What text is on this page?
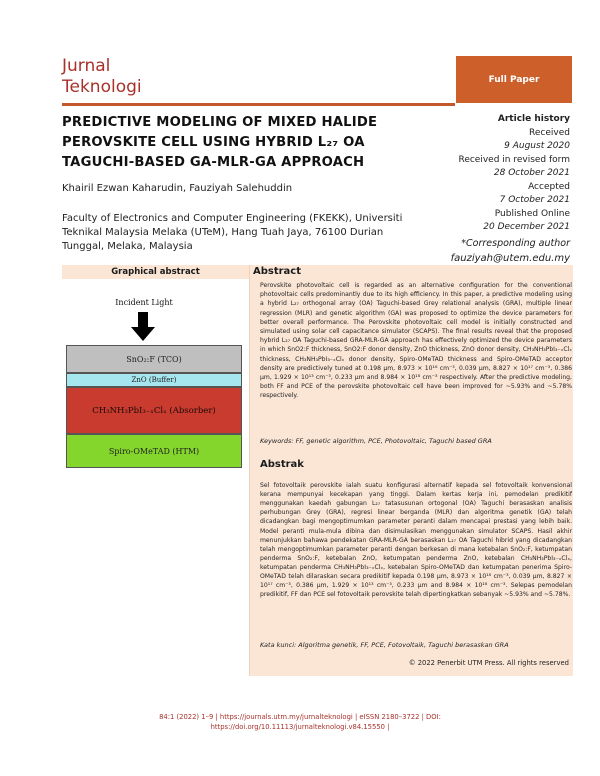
Jurnal
Teknologi	Full Paper
PREDICTIVE MODELING OF MIXED HALIDE
PEROVSKITE CELL USING HYBRID L₂₇ OA
TAGUCHI-BASED GA-MLR-GA APPROACH
Khairil Ezwan Kaharudin, Fauziyah Salehuddin
Faculty of Electronics and Computer Engineering (FKEKK), Universiti
Teknikal Malaysia Melaka (UTeM), Hang Tuah Jaya, 76100 Durian
Tunggal, Melaka, Malaysia
Article history
Received
9 August 2020
Received in revised form
28 October 2021
Accepted
7 October 2021
Published Online
20 December 2021
*Corresponding author
fauziyah@utem.edu.my
Graphical abstract
Incident Light
SnO₂:F (TCO)
ZnO (Buffer)
CH₃NH₃PbI₃₋ₓClₓ (Absorber)
Spiro-OMeTAD (HTM)
Abstract

Perovskite photovoltaic cell is regarded as an alternative configuration for the conventional photovoltaic cells predominantly due to its high efficiency. In this paper, a predictive modeling using a hybrid L₂₇ orthogonal array (OA) Taguchi-based Grey relational analysis (GRA), multiple linear regression (MLR) and genetic algorithm (GA) was proposed to optimize the device parameters for better overall performance. The Perovskite photovoltaic cell model is initially constructed and simulated using solar cell capacitance simulator (SCAPS). The final results reveal that the proposed hybrid L₂₇ OA Taguchi-based GRA-MLR-GA approach has effectively optimized the device parameters in which SnO2:F thickness, SnO2:F donor density, ZnO thickness, ZnO donor density, CH₃NH₃PbI₃₋ₓClₓ thickness, CH₃NH₃PbI₃₋ₓClₓ donor density, Spiro-OMeTAD thickness and Spiro-OMeTAD acceptor density are predictively tuned at 0.198 µm, 8.973 × 10¹⁸ cm⁻³, 0.039 µm, 8.827 × 10¹⁷ cm⁻³, 0.386 µm, 1.929 × 10¹³ cm⁻³, 0.233 µm and 8.984 × 10¹⁸ cm⁻³ respectively. After the predictive modeling, both FF and PCE of the perovskite photovoltaic cell have been improved for ~5.93% and ~5.78% respectively.

Keywords: FF, genetic algorithm, PCE, Photovoltaic, Taguchi based GRA
Abstrak

Sel fotovoltaik perovskite ialah suatu konfigurasi alternatif kepada sel fotovoltaik konvensional kerana mempunyai kecekapan yang tinggi. Dalam kertas kerja ini, pemodelan predikitif menggunakan kaedah gabungan L₂₇ tatasusunan ortogonal (OA) Taguchi berasaskan analisis perhubungan Grey (GRA), regresi linear berganda (MLR) dan algoritma genetik (GA) telah dicadangkan bagi mengoptimumkan parameter peranti dalam mencapai prestasi yang lebih baik. Model peranti mula-mula dibina dan disimulasikan menggunakan simulator SCAPS. Hasil akhir menunjukkan bahawa pendekatan GRA-MLR-GA berasaskan L₂₇ OA Taguchi hibrid yang dicadangkan telah mengoptimumkan parameter peranti dengan berkesan di mana ketebalan SnO₂:F, ketumpatan penderma SnO₂:F, ketebalan ZnO, ketumpatan penderma ZnO, ketebalan CH₃NH₃PbI₃₋ₓClₓ, ketumpatan penderma CH₃NH₃PbI₃₋ₓClₓ, ketebalan Spiro-OMeTAD dan ketumpatan penerima Spiro-OMeTAD telah dilaraskan secara predikitif kepada 0.198 µm, 8.973 × 10¹⁸ cm⁻³, 0.039 µm, 8.827 × 10¹⁷ cm⁻³, 0.386 µm, 1.929 × 10¹³ cm⁻³, 0.233 µm and 8.984 × 10¹⁸ cm⁻³. Selepas pemodelan predikitif, FF dan PCE sel fotovoltaik perovskite telah dipertingkatkan sebanyak ~5.93% and ~5.78%.

Kata kunci: Algoritma genetik, FF, PCE, Fotovoltaik, Taguchi berasaskan GRA
© 2022 Penerbit UTM Press. All rights reserved
84:1 (2022) 1–9 | https://journals.utm.my/jurnalteknologi | eISSN 2180–3722 | DOI:
https://doi.org/10.11113/jurnalteknologi.v84.15550 |
